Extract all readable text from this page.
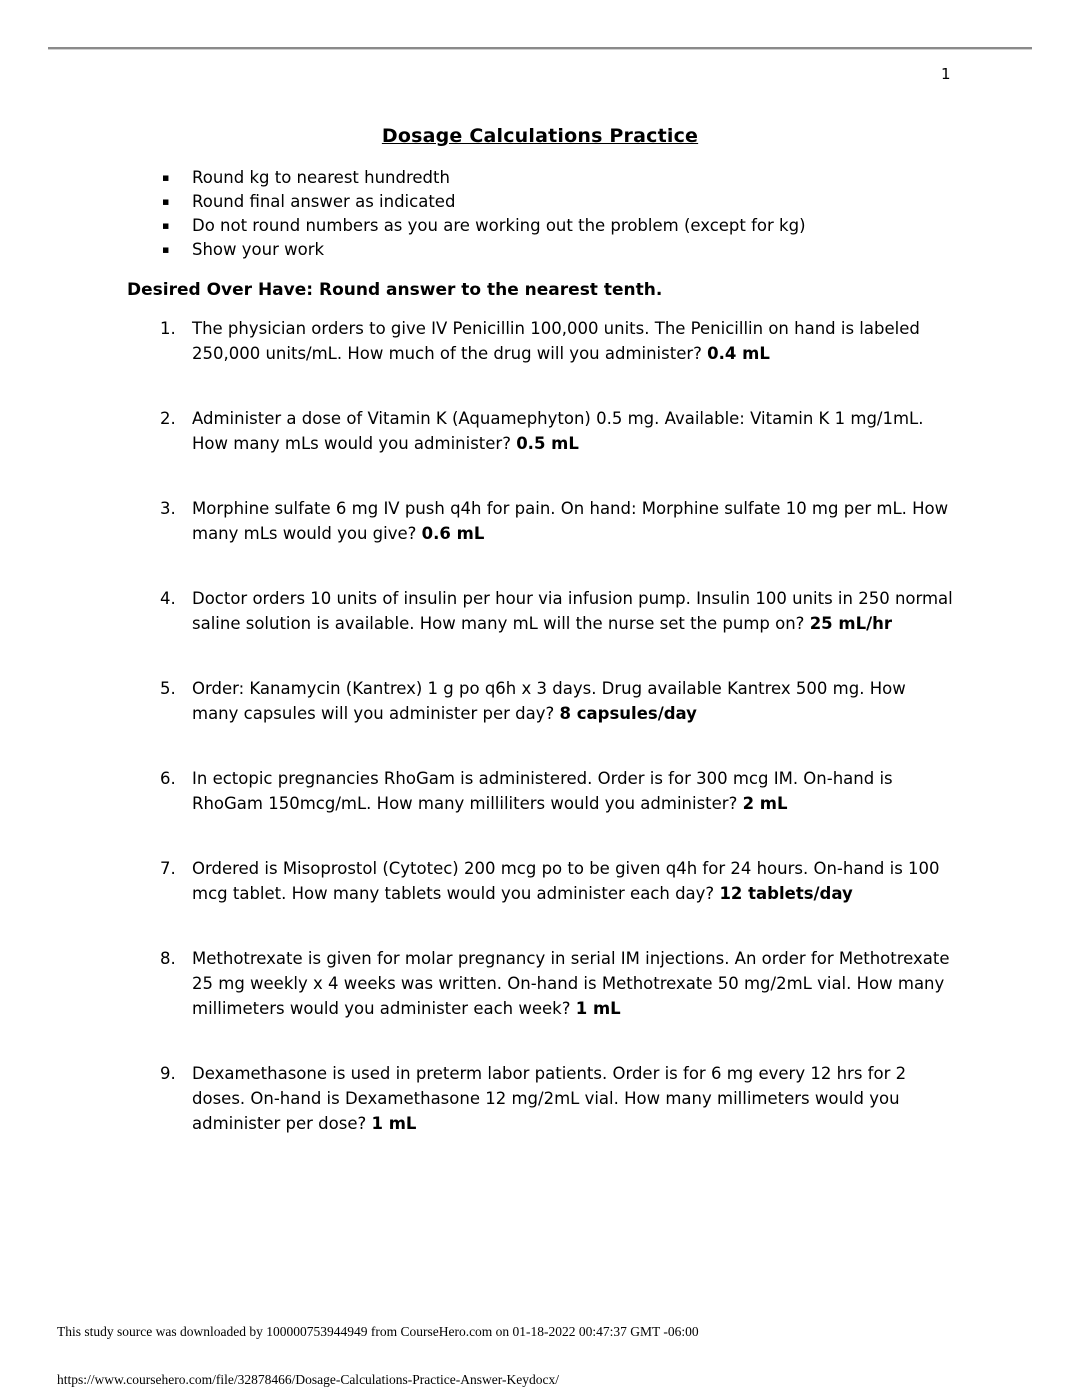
1
Dosage Calculations Practice
▪	Round kg to nearest hundredth
▪	Round final answer as indicated
▪	Do not round numbers as you are working out the problem (except for kg)
▪	Show your work
Desired Over Have: Round answer to the nearest tenth.
1. The physician orders to give IV Penicillin 100,000 units. The Penicillin on hand is labeled 250,000 units/mL. How much of the drug will you administer? 0.4 mL

2. Administer a dose of Vitamin K (Aquamephyton) 0.5 mg. Available: Vitamin K 1 mg/1mL. How many mLs would you administer? 0.5 mL

3. Morphine sulfate 6 mg IV push q4h for pain. On hand: Morphine sulfate 10 mg per mL. How many mLs would you give? 0.6 mL

4. Doctor orders 10 units of insulin per hour via infusion pump. Insulin 100 units in 250 normal saline solution is available. How many mL will the nurse set the pump on? 25 mL/hr

5. Order: Kanamycin (Kantrex) 1 g po q6h x 3 days. Drug available Kantrex 500 mg. How many capsules will you administer per day? 8 capsules/day

6. In ectopic pregnancies RhoGam is administered. Order is for 300 mcg IM. On-hand is RhoGam 150mcg/mL. How many milliliters would you administer? 2 mL

7. Ordered is Misoprostol (Cytotec) 200 mcg po to be given q4h for 24 hours. On-hand is 100 mcg tablet. How many tablets would you administer each day? 12 tablets/day

8. Methotrexate is given for molar pregnancy in serial IM injections. An order for Methotrexate 25 mg weekly x 4 weeks was written. On-hand is Methotrexate 50 mg/2mL vial. How many millimeters would you administer each week? 1 mL

9. Dexamethasone is used in preterm labor patients. Order is for 6 mg every 12 hrs for 2 doses. On-hand is Dexamethasone 12 mg/2mL vial. How many millimeters would you administer per dose? 1 mL

This study source was downloaded by 100000753944949 from CourseHero.com on 01-18-2022 00:47:37 GMT -06:00
https://www.coursehero.com/file/32878466/Dosage-Calculations-Practice-Answer-Keydocx/
